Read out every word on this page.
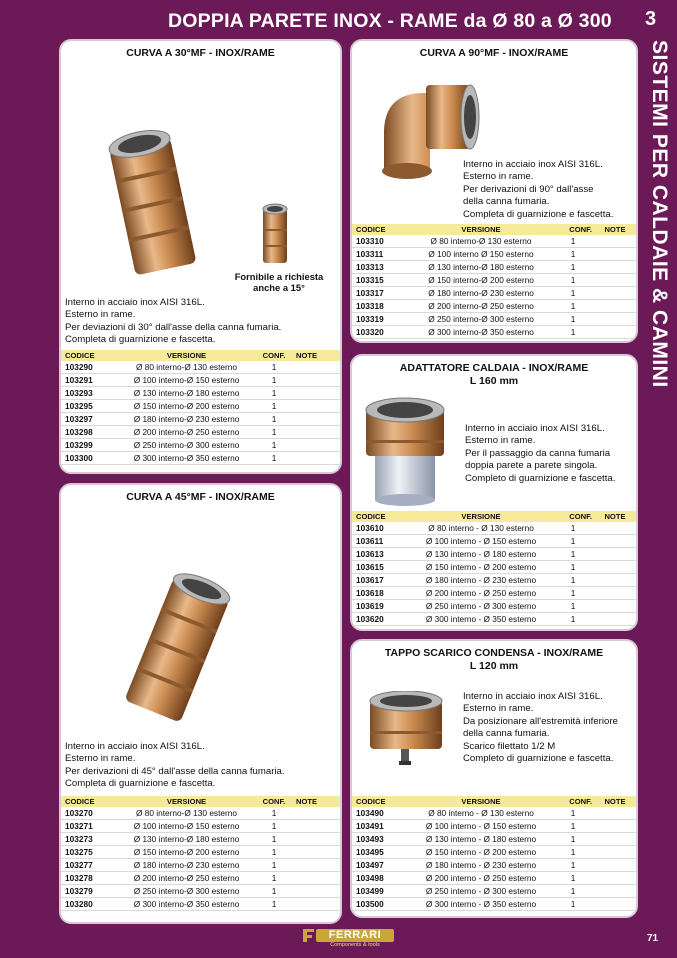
DOPPIA PARETE INOX - RAME da Ø 80 a Ø 300 3
SISTEMI PER CALDAIE & CAMINI
CURVA A 30°MF - INOX/RAME
Fornibile a richiesta
anche a 15°
Interno in acciaio inox AISI 316L.
Esterno in rame.
Per deviazioni di 30° dall'asse della canna fumaria.
Completa di guarnizione e fascetta.
CODICE	VERSIONE	CONF.	NOTE
103290	Ø 80 interno-Ø 130 esterno	1	
103291	Ø 100 interno-Ø 150 esterno	1	
103293	Ø 130 interno-Ø 180 esterno	1	
103295	Ø 150 interno-Ø 200 esterno	1	
103297	Ø 180 interno-Ø 230 esterno	1	
103298	Ø 200 interno-Ø 250 esterno	1	
103299	Ø 250 interno-Ø 300 esterno	1	
103300	Ø 300 interno-Ø 350 esterno	1	
CURVA A 45°MF - INOX/RAME
Interno in acciaio inox AISI 316L.
Esterno in rame.
Per derivazioni di 45° dall'asse della canna fumaria.
Completa di guarnizione e fascetta.
CODICE	VERSIONE	CONF.	NOTE
103270	Ø 80 interno-Ø 130 esterno	1	
103271	Ø 100 interno-Ø 150 esterno	1	
103273	Ø 130 interno-Ø 180 esterno	1	
103275	Ø 150 interno-Ø 200 esterno	1	
103277	Ø 180 interno-Ø 230 esterno	1	
103278	Ø 200 interno-Ø 250 esterno	1	
103279	Ø 250 interno-Ø 300 esterno	1	
103280	Ø 300 interno-Ø 350 esterno	1	
CURVA A 90°MF - INOX/RAME
Interno in acciaio inox AISI 316L.
Esterno in rame.
Per derivazioni di 90° dall'asse
della canna fumaria.
Completa di guarnizione e fascetta.
CODICE	VERSIONE	CONF.	NOTE
103310	Ø 80 interno-Ø 130 esterno	1	
103311	Ø 100 interno Ø 150 esterno	1	
103313	Ø 130 interno-Ø 180 esterno	1	
103315	Ø 150 interno-Ø 200 esterno	1	
103317	Ø 180 interno-Ø 230 esterno	1	
103318	Ø 200 interno-Ø 250 esterno	1	
103319	Ø 250 interno-Ø 300 esterno	1	
103320	Ø 300 interno-Ø 350 esterno	1	
ADATTATORE CALDAIA - INOX/RAME
L 160 mm
Interno in acciaio inox AISI 316L.
Esterno in rame.
Per il passaggio da canna fumaria
doppia parete a parete singola.
Completo di guarnizione e fascetta.
CODICE	VERSIONE	CONF.	NOTE
103610	Ø 80 interno - Ø 130 esterno	1	
103611	Ø 100 interno - Ø 150 esterno	1	
103613	Ø 130 interno - Ø 180 esterno	1	
103615	Ø 150 interno - Ø 200 esterno	1	
103617	Ø 180 interno - Ø 230 esterno	1	
103618	Ø 200 interno - Ø 250 esterno	1	
103619	Ø 250 interno - Ø 300 esterno	1	
103620	Ø 300 interno - Ø 350 esterno	1	
TAPPO SCARICO CONDENSA - INOX/RAME
L 120 mm
Interno in acciaio inox AISI 316L.
Esterno in rame.
Da posizionare all'estremità inferiore
della canna fumaria.
Scarico filettato 1/2 M
Completo di guarnizione e fascetta.
CODICE	VERSIONE	CONF.	NOTE
103490	Ø 80 interno - Ø 130 esterno	1	
103491	Ø 100 interno - Ø 150 esterno	1	
103493	Ø 130 interno - Ø 180 esterno	1	
103495	Ø 150 interno - Ø 200 esterno	1	
103497	Ø 180 interno - Ø 230 esterno	1	
103498	Ø 200 interno - Ø 250 esterno	1	
103499	Ø 250 interno - Ø 300 esterno	1	
103500	Ø 300 interno - Ø 350 esterno	1	
FERRARI
Components & tools
71
